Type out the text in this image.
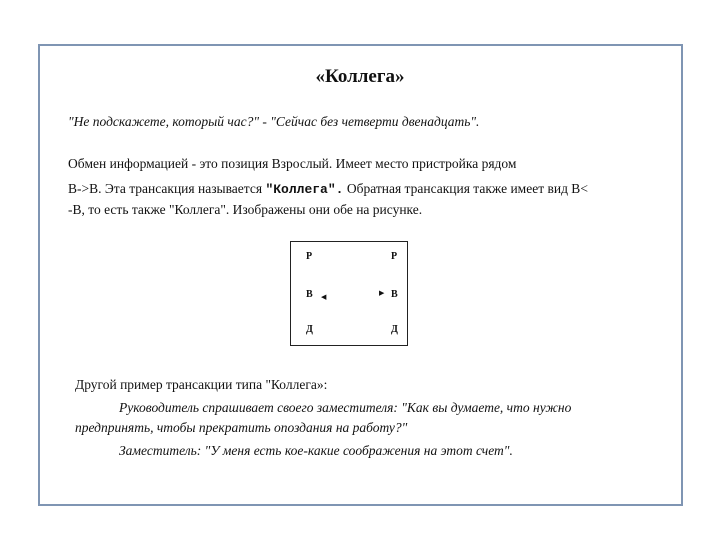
«Коллега»
"Не подскажете, который час?" - "Сейчас без четверти двенадцать".
Обмен информацией - это позиция Взрослый. Имеет место пристройка рядом
В->В. Эта трансакция называется "Коллега". Обратная трансакция также имеет вид В<
-В, то есть также "Коллега". Изображены они обе на рисунке.
Р
В
Д
Р
В
Д
◀	▶
Другой пример трансакции типа "Коллега»:
Руководитель спрашивает своего заместителя: "Как вы думаете, что нужно
предпринять, чтобы прекратить опоздания на работу?"
Заместитель: "У меня есть кое-какие соображения на этот счет".
